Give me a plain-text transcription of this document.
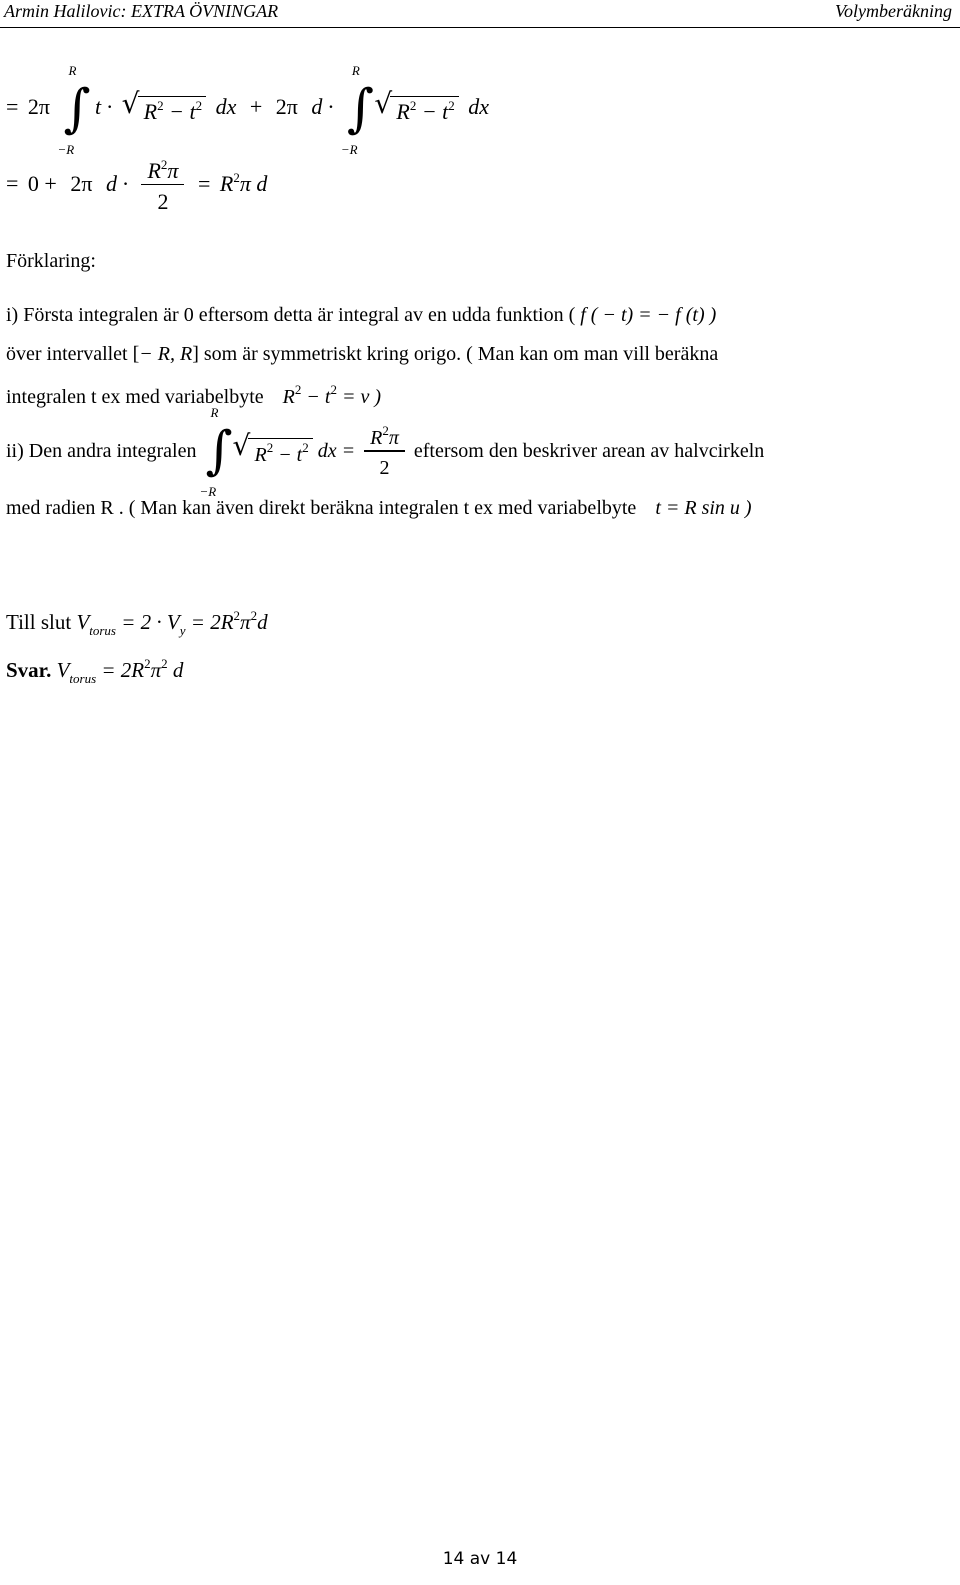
Armin Halilovic: EXTRA ÖVNINGAR	Volymberäkning
= 2π ∫
R
−R
t · √ $R^2 - t^2$ dx + 2π d · ∫
R
−R

√ $R^2 - t^2$ dx
= 0 + 2π $d \cdot \frac{R^2\pi}{2} = R^2\pi$ d
Förklaring:
i) Första integralen är 0 eftersom detta är integral av en udda funktion ( f ( − t) = − f (t) )
över intervallet [− R, R] som är symmetriskt kring origo. ( Man kan om man vill beräkna
integralen t ex med variabelbyte $R^2 - t^2 = v$ )
ii) Den andra integralen ∫
R
−R

√ $R^2 - t^2$ dx = $\frac{R^2\pi}{2}$ eftersom den beskriver arean av halvcirkeln
med radien R . ( Man kan även direkt beräkna integralen t ex med variabelbyte t = R sin u )
Till slut $V_{torus} = 2 \cdot V_y = 2R^2\pi^2d$
Svar. $V_{torus} = 2R^2\pi^2$ d
14 av 14
